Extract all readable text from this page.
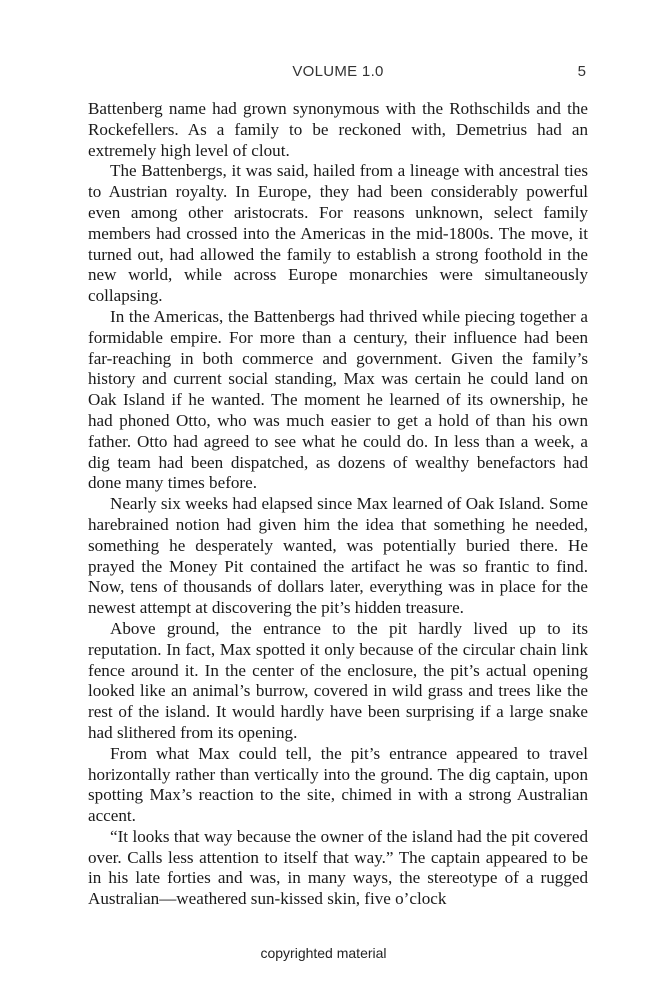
VOLUME 1.0	5

Battenberg name had grown synonymous with the Rothschilds and the Rockefellers. As a family to be reckoned with, Demetrius had an extremely high level of clout.

The Battenbergs, it was said, hailed from a lineage with ancestral ties to Austrian royalty. In Europe, they had been considerably powerful even among other aristocrats. For reasons unknown, select family members had crossed into the Americas in the mid-1800s. The move, it turned out, had allowed the family to establish a strong foothold in the new world, while across Europe monarchies were simultaneously collapsing.

In the Americas, the Battenbergs had thrived while piecing together a formidable empire. For more than a century, their influence had been far-reaching in both commerce and government. Given the family’s history and current social standing, Max was certain he could land on Oak Island if he wanted. The moment he learned of its ownership, he had phoned Otto, who was much easier to get a hold of than his own father. Otto had agreed to see what he could do. In less than a week, a dig team had been dispatched, as dozens of wealthy benefactors had done many times before.

Nearly six weeks had elapsed since Max learned of Oak Island. Some harebrained notion had given him the idea that something he needed, something he desperately wanted, was potentially buried there. He prayed the Money Pit contained the artifact he was so frantic to find. Now, tens of thousands of dollars later, everything was in place for the newest attempt at discovering the pit’s hidden treasure.

Above ground, the entrance to the pit hardly lived up to its reputation. In fact, Max spotted it only because of the circular chain link fence around it. In the center of the enclosure, the pit’s actual opening looked like an animal’s burrow, covered in wild grass and trees like the rest of the island. It would hardly have been surprising if a large snake had slithered from its opening.

From what Max could tell, the pit’s entrance appeared to travel horizontally rather than vertically into the ground. The dig captain, upon spotting Max’s reaction to the site, chimed in with a strong Australian accent.

“It looks that way because the owner of the island had the pit covered over. Calls less attention to itself that way.” The captain appeared to be in his late forties and was, in many ways, the stereotype of a rugged Australian—weathered sun-kissed skin, five o’clock

copyrighted material
